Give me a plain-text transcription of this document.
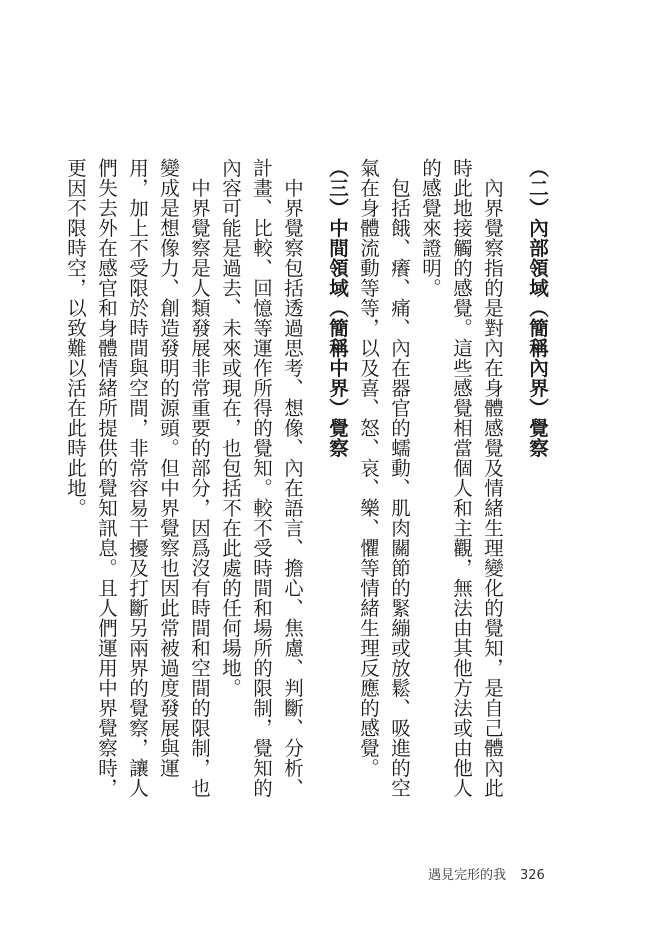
（二）內部領域（簡稱內界）覺察

內界覺察指的是對內在身體感覺及情緒生理變化的覺知，是自己體內此時此地接觸的感覺。這些感覺相當個人和主觀，無法由其他方法或由他人的感覺來證明。

包括餓、癢、痛、內在器官的蠕動、肌肉關節的緊繃或放鬆、吸進的空氣在身體流動等等，以及喜、怒、哀、樂、懼等情緒生理反應的感覺。

（三）中間領域（簡稱中界）覺察

中界覺察包括透過思考、想像、內在語言、擔心、焦慮、判斷、分析、計畫、比較、回憶等運作所得的覺知。較不受時間和場所的限制，覺知的內容可能是過去、未來或現在，也包括不在此處的任何場地。

中界覺察是人類發展非常重要的部分，因爲沒有時間和空間的限制，也變成是想像力、創造發明的源頭。但中界覺察也因此常被過度發展與運用，加上不受限於時間與空間，非常容易干擾及打斷另兩界的覺察，讓人們失去外在感官和身體情緒所提供的覺知訊息。且人們運用中界覺察時，更因不限時空，以致難以活在此時此地。

遇見完形的我 326
